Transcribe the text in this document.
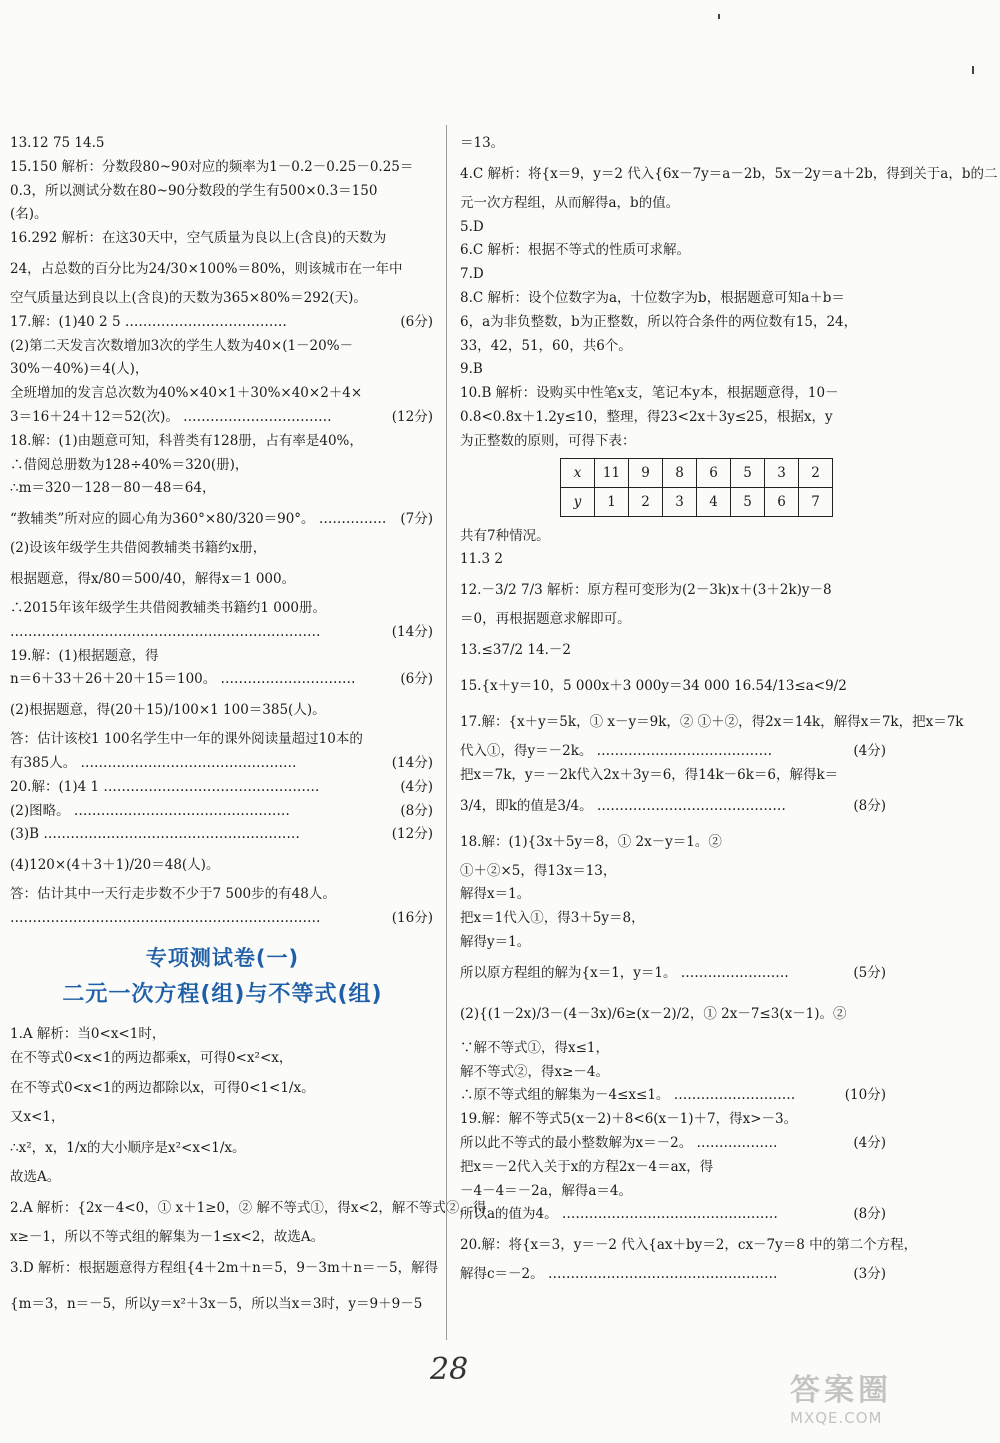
13.12 75 14.5
15.150 解析：分数段80~90对应的频率为1－0.2－0.25－0.25＝
0.3，所以测试分数在80~90分数段的学生有500×0.3＝150
(名)。
16.292 解析：在这30天中，空气质量为良以上(含良)的天数为
24，占总数的百分比为24/30×100%＝80%，则该城市在一年中
空气质量达到良以上(含良)的天数为365×80%＝292(天)。
17.解：(1)40 2 5 ………………………………	(6分)
(2)第二天发言次数增加3次的学生人数为40×(1－20%－
30%－40%)＝4(人)，
全班增加的发言总次数为40%×40×1＋30%×40×2＋4×
3＝16＋24＋12＝52(次)。 ……………………………	(12分)
18.解：(1)由题意可知，科普类有128册，占有率是40%，
∴借阅总册数为128÷40%＝320(册)，
∴m＝320－128－80－48＝64，
“教辅类”所对应的圆心角为360°×80/320＝90°。 …………… (7分)
(2)设该年级学生共借阅教辅类书籍约x册，
根据题意，得x/80＝500/40，解得x＝1 000。
∴2015年该年级学生共借阅教辅类书籍约1 000册。
……………………………………………………………	(14分)
19.解：(1)根据题意，得
n＝6＋33＋26＋20＋15＝100。 …………………………	(6分)
(2)根据题意，得(20＋15)/100×1 100＝385(人)。
答：估计该校1 100名学生中一年的课外阅读量超过10本的
有385人。 …………………………………………	(14分)
20.解：(1)4 1 …………………………………………	(4分)
(2)图略。 …………………………………………	(8分)
(3)B …………………………………………………	(12分)
(4)120×(4＋3＋1)/20＝48(人)。
答：估计其中一天行走步数不少于7 500步的有48人。
……………………………………………………………	(16分)
专项测试卷(一)
二元一次方程(组)与不等式(组)
1.A 解析：当0<x<1时，
在不等式0<x<1的两边都乘x，可得0<x²<x，
在不等式0<x<1的两边都除以x，可得0<1<1/x。
又x<1，
∴x²，x，1/x的大小顺序是x²<x<1/x。
故选A。
2.A 解析：{2x－4<0，① x＋1≥0，② 解不等式①，得x<2，解不等式②，得
x≥－1，所以不等式组的解集为－1≤x<2，故选A。
3.D 解析：根据题意得方程组{4＋2m＋n＝5，9－3m＋n＝－5，解得
{m＝3，n＝－5，所以y＝x²＋3x－5，所以当x＝3时，y＝9＋9－5
＝13。
4.C 解析：将{x＝9，y＝2 代入{6x－7y＝a－2b，5x－2y＝a＋2b，得到关于a，b的二
元一次方程组，从而解得a，b的值。
5.D
6.C 解析：根据不等式的性质可求解。
7.D
8.C 解析：设个位数字为a，十位数字为b，根据题意可知a＋b＝
6，a为非负整数，b为正整数，所以符合条件的两位数有15，24，
33，42，51，60，共6个。
9.B
10.B 解析：设购买中性笔x支，笔记本y本，根据题意得，10－
0.8<0.8x＋1.2y≤10，整理，得23<2x＋3y≤25，根据x，y
为正整数的原则，可得下表：
x	11	9	8	6	5	3	2
y	1	2	3	4	5	6	7
共有7种情况。
11.3 2
12.－3/2 7/3 解析：原方程可变形为(2－3k)x＋(3＋2k)y－8
＝0，再根据题意求解即可。
13.≤37/2 14.－2
15.{x＋y＝10，5 000x＋3 000y＝34 000 16.54/13≤a<9/2
17.解：{x＋y＝5k，① x－y＝9k，② ①＋②，得2x＝14k，解得x＝7k，把x＝7k
代入①，得y＝－2k。 …………………………………	(4分)
把x＝7k，y＝－2k代入2x＋3y＝6，得14k－6k＝6，解得k＝
3/4，即k的值是3/4。 ……………………………………	(8分)
18.解：(1){3x＋5y＝8，① 2x－y＝1。②
①＋②×5，得13x＝13，
解得x＝1。
把x＝1代入①，得3＋5y＝8，
解得y＝1。
所以原方程组的解为{x＝1，y＝1。 ……………………	(5分)
(2){(1－2x)/3－(4－3x)/6≥(x－2)/2，① 2x－7≤3(x－1)。②
∵解不等式①，得x≤1，
解不等式②，得x≥－4。
∴原不等式组的解集为－4≤x≤1。 ………………………	(10分)
19.解：解不等式5(x－2)＋8<6(x－1)＋7，得x>－3。
所以此不等式的最小整数解为x＝－2。 ………………	(4分)
把x＝－2代入关于x的方程2x－4＝ax，得
－4－4＝－2a，解得a＝4。
所以a的值为4。 …………………………………………	(8分)
20.解：将{x＝3，y＝－2 代入{ax＋by＝2，cx－7y＝8 中的第二个方程，
解得c＝－2。 ……………………………………………	(3分)
28
答案圈
MXQE.COM
